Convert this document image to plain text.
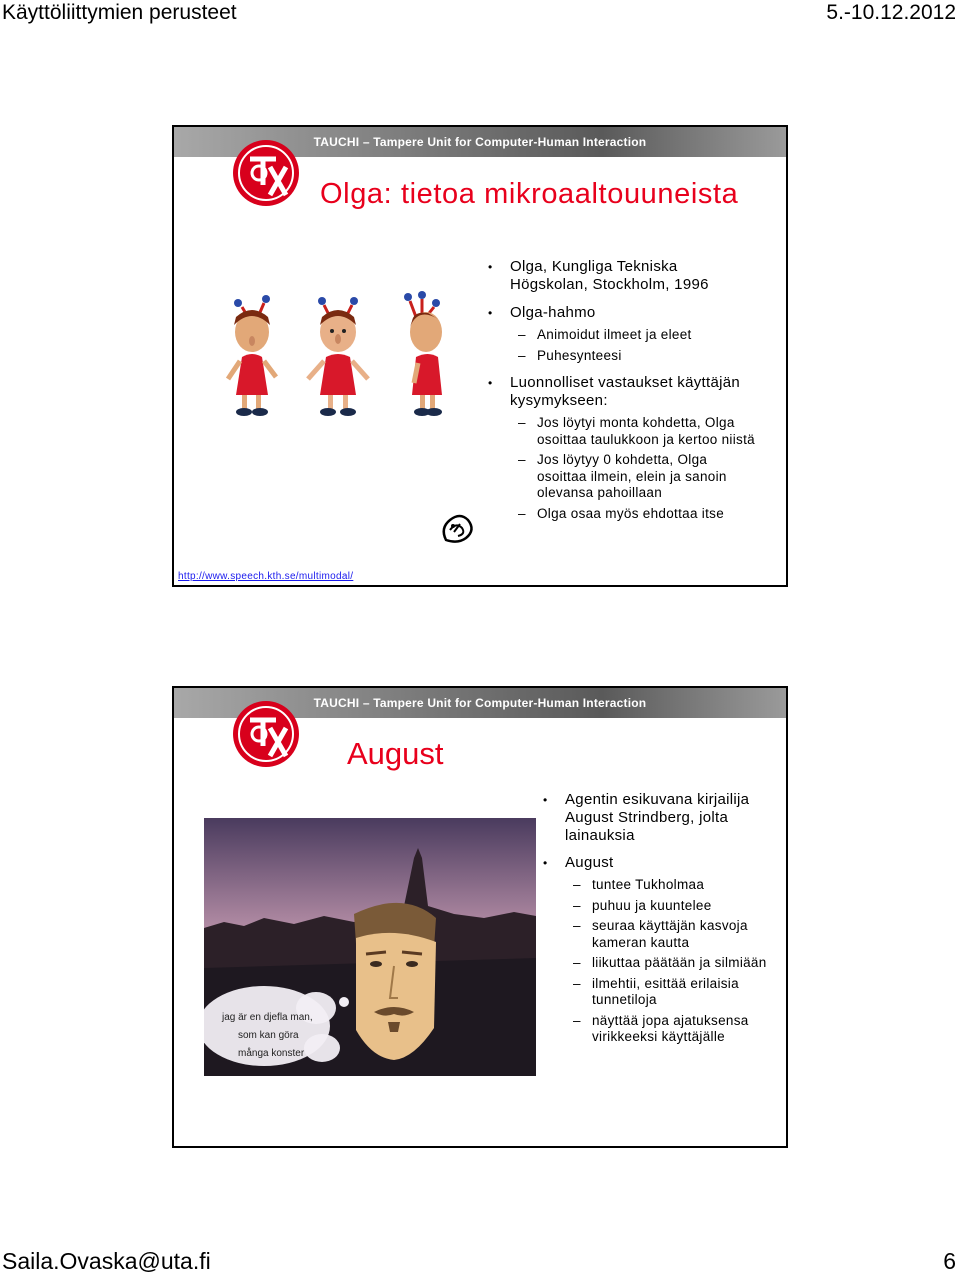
Käyttöliittymien perusteet	5.-10.12.2012
TAUCHI – Tampere Unit for Computer-Human Interaction
Olga: tietoa mikroaaltouuneista
• Olga, Kungliga Tekniska Högskolan, Stockholm, 1996
• Olga-hahmo
– Animoidut ilmeet ja eleet
– Puhesynteesi
• Luonnolliset vastaukset käyttäjän kysymykseen:
– Jos löytyi monta kohdetta, Olga osoittaa taulukkoon ja kertoo niistä
– Jos löytyy 0 kohdetta, Olga osoittaa ilmein, elein ja sanoin olevansa pahoillaan
– Olga osaa myös ehdottaa itse
http://www.speech.kth.se/multimodal/
TAUCHI – Tampere Unit for Computer-Human Interaction
August
jag är en djefla man,
som kan göra
många konster
• Agentin esikuvana kirjailija August Strindberg, jolta lainauksia
• August
– tuntee Tukholmaa
– puhuu ja kuuntelee
– seuraa käyttäjän kasvoja kameran kautta
– liikuttaa päätään ja silmiään
– ilmehtii, esittää erilaisia tunnetiloja
– näyttää jopa ajatuksensa virikkeeksi käyttäjälle
Saila.Ovaska@uta.fi	6
